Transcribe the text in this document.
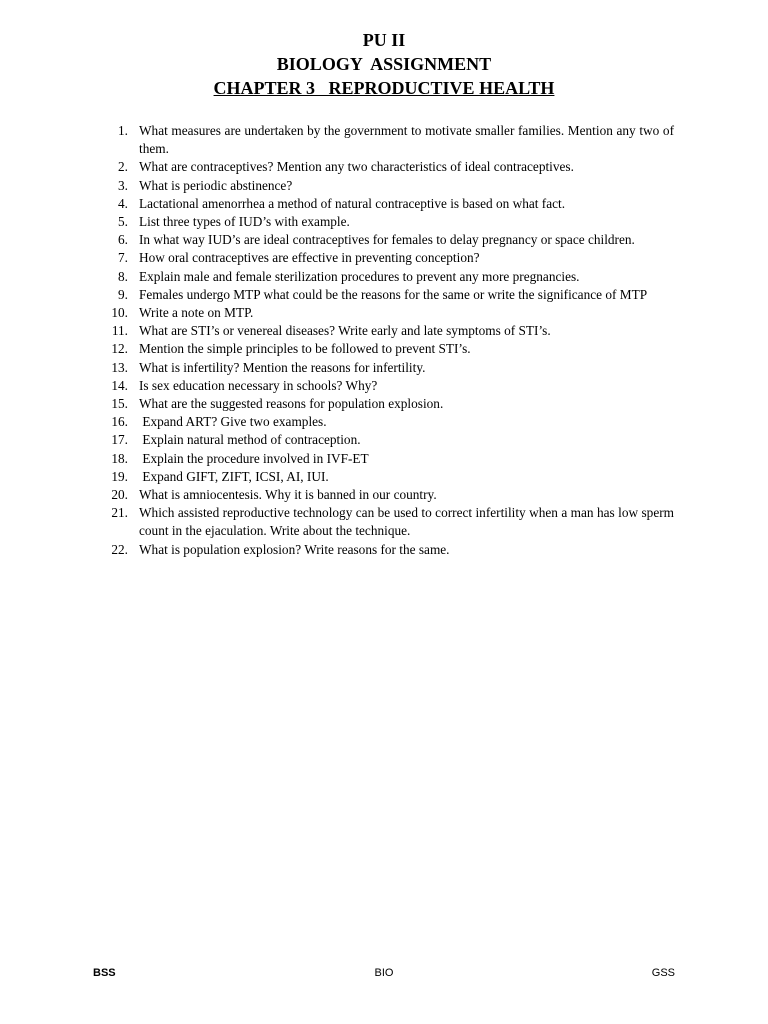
PU II
BIOLOGY  ASSIGNMENT
CHAPTER 3   REPRODUCTIVE HEALTH
1. What measures are undertaken by the government to motivate smaller families. Mention any two of them.
2. What are contraceptives? Mention any two characteristics of ideal contraceptives.
3. What is periodic abstinence?
4. Lactational amenorrhea a method of natural contraceptive is based on what fact.
5. List three types of IUD’s with example.
6. In what way IUD’s are ideal contraceptives for females to delay pregnancy or space children.
7. How oral contraceptives are effective in preventing conception?
8. Explain male and female sterilization procedures to prevent any more pregnancies.
9. Females undergo MTP what could be the reasons for the same or write the significance of MTP
10. Write a note on MTP.
11. What are STI’s or venereal diseases? Write early and late symptoms of STI’s.
12. Mention the simple principles to be followed to prevent STI’s.
13. What is infertility? Mention the reasons for infertility.
14. Is sex education necessary in schools? Why?
15. What are the suggested reasons for population explosion.
16. Expand ART? Give two examples.
17. Explain natural method of contraception.
18. Explain the procedure involved in IVF-ET
19. Expand GIFT, ZIFT, ICSI, AI, IUI.
20. What is amniocentesis. Why it is banned in our country.
21. Which assisted reproductive technology can be used to correct infertility when a man has low sperm count in the ejaculation. Write about the technique.
22. What is population explosion? Write reasons for the same.
BSS	BIO	GSS
